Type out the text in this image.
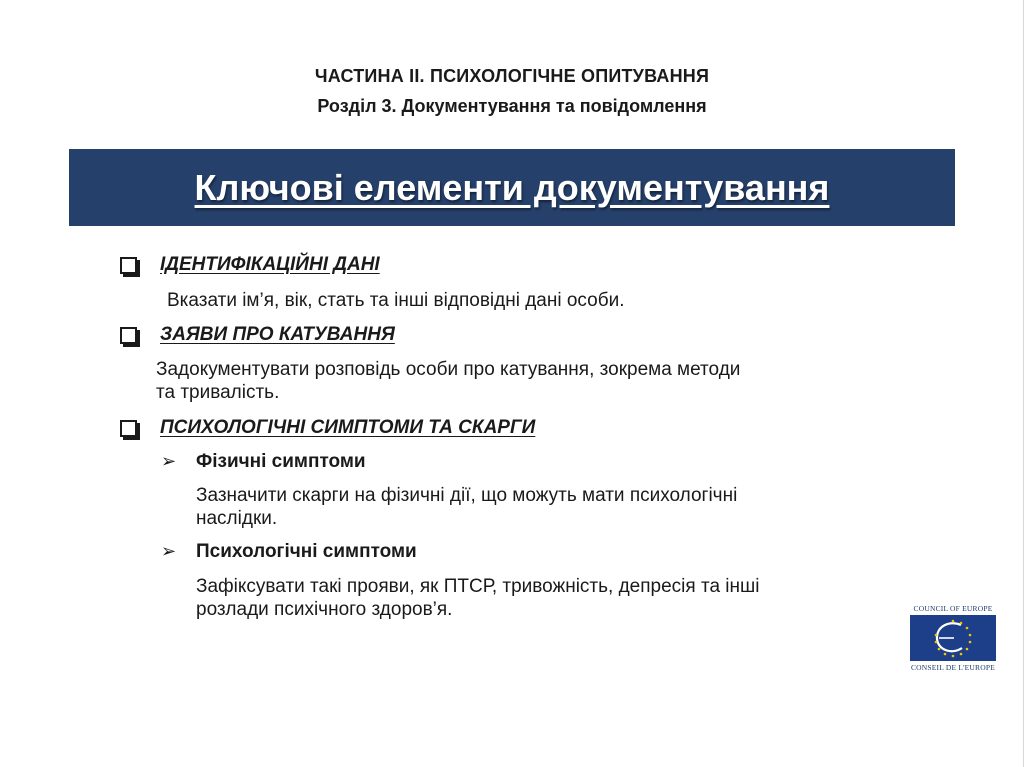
ЧАСТИНА ІІ. ПСИХОЛОГІЧНЕ ОПИТУВАННЯ
Розділ 3. Документування та повідомлення
Ключові елементи документування
ІДЕНТИФІКАЦІЙНІ ДАНІ
Вказати ім’я, вік, стать та інші відповідні дані особи.
ЗАЯВИ ПРО КАТУВАННЯ
Задокументувати розповідь особи про катування, зокрема методи
та тривалість.
ПСИХОЛОГІЧНІ СИМПТОМИ ТА СКАРГИ
➢ Фізичні симптоми
Зазначити скарги на фізичні дії, що можуть мати психологічні
наслідки.
➢ Психологічні симптоми
Зафіксувати такі прояви, як ПТСР, тривожність, депресія та інші
розлади психічного здоров’я.	COUNCIL OF EUROPE
CONSEIL DE L'EUROPE
